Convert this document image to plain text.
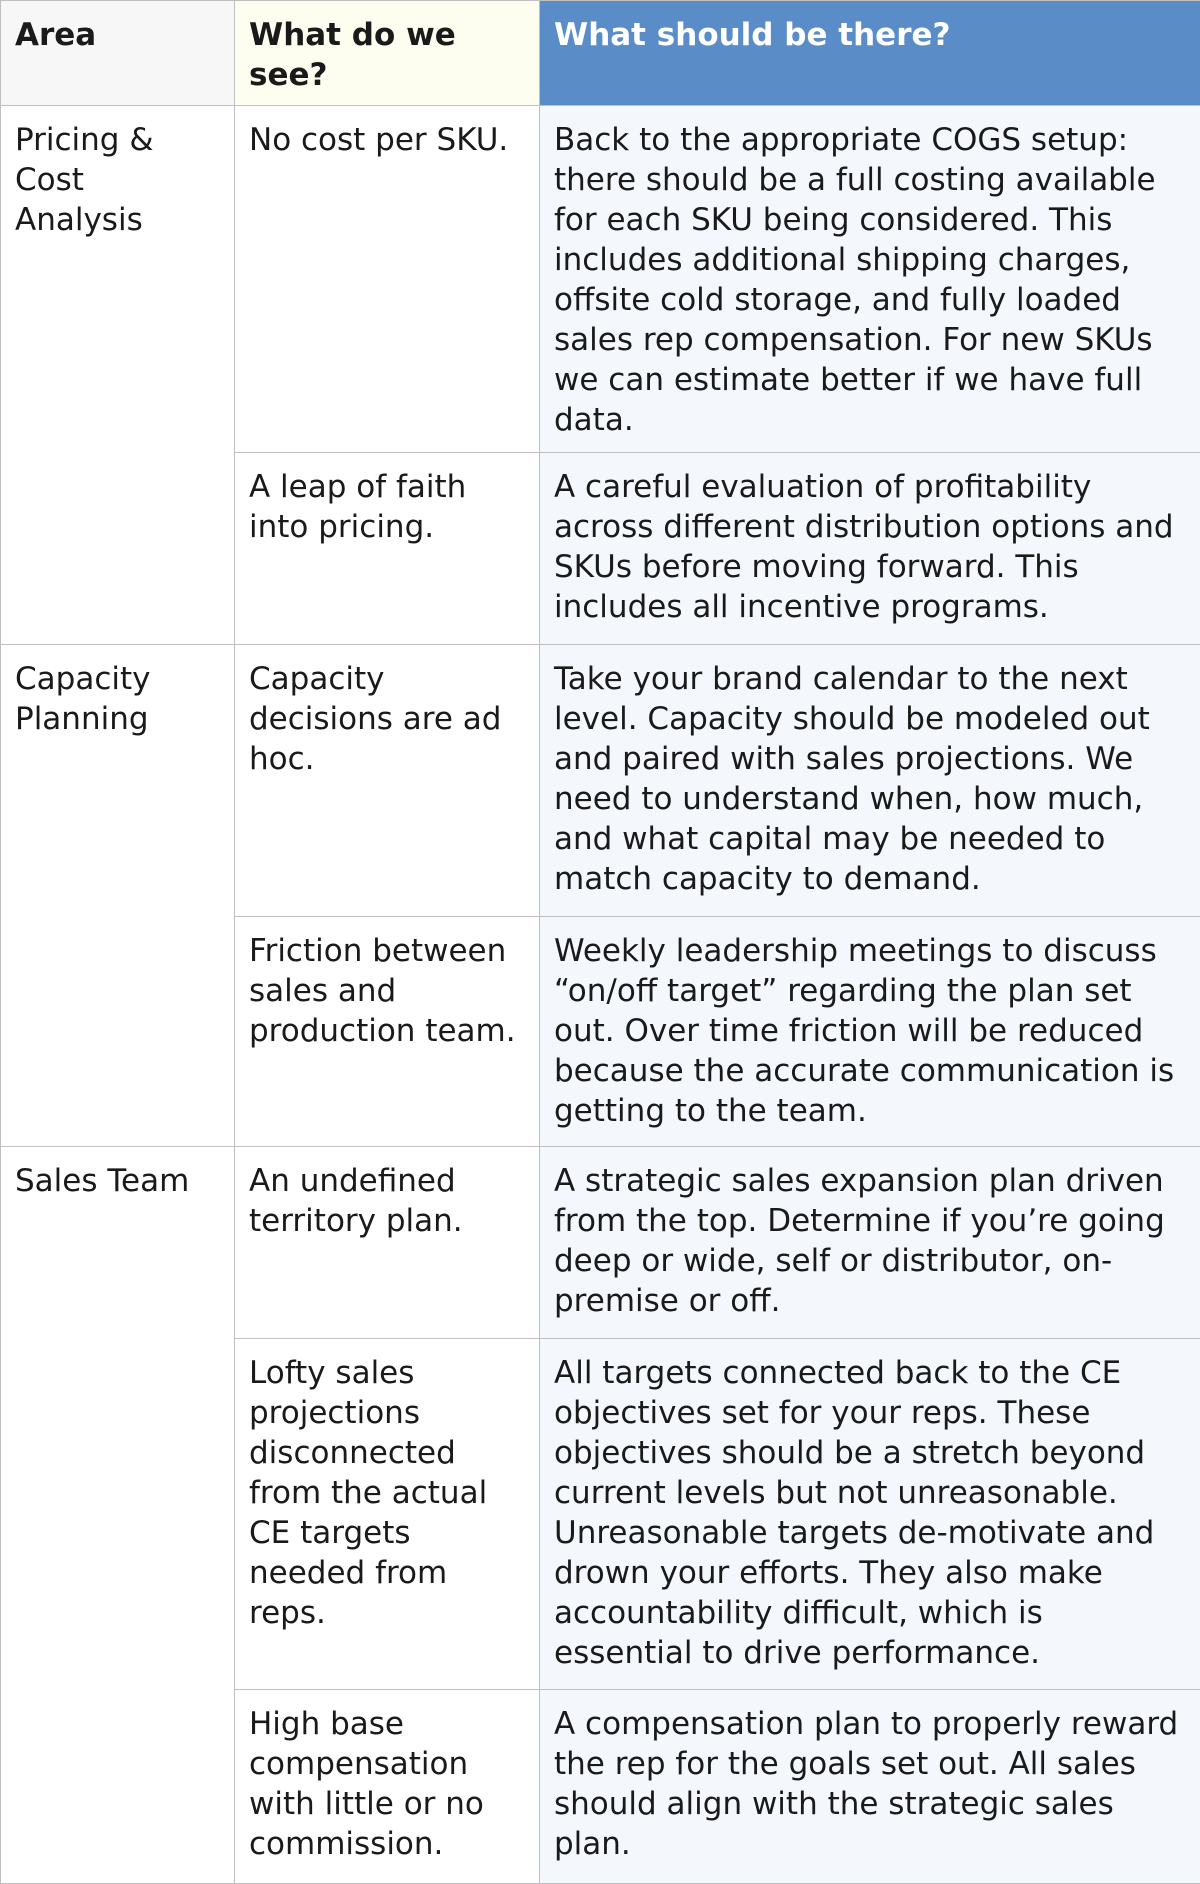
Area	What do we see?	What should be there?
Pricing & Cost Analysis	No cost per SKU.	Back to the appropriate COGS setup: there should be a full costing available for each SKU being considered. This includes additional shipping charges, offsite cold storage, and fully loaded sales rep compensation. For new SKUs we can estimate better if we have full data.
	A leap of faith into pricing.	A careful evaluation of profitability across different distribution options and SKUs before moving forward. This includes all incentive programs.
Capacity Planning	Capacity decisions are ad hoc.	Take your brand calendar to the next level. Capacity should be modeled out and paired with sales projections. We need to understand when, how much, and what capital may be needed to match capacity to demand.
	Friction between sales and production team.	Weekly leadership meetings to discuss “on/off target” regarding the plan set out. Over time friction will be reduced because the accurate communication is getting to the team.
Sales Team	An undefined territory plan.	A strategic sales expansion plan driven from the top. Determine if you’re going deep or wide, self or distributor, on-premise or off.
	Lofty sales projections disconnected from the actual CE targets needed from reps.	All targets connected back to the CE objectives set for your reps. These objectives should be a stretch beyond current levels but not unreasonable. Unreasonable targets de-motivate and drown your efforts. They also make accountability difficult, which is essential to drive performance.
	High base compensation with little or no commission.	A compensation plan to properly reward the rep for the goals set out. All sales should align with the strategic sales plan.
